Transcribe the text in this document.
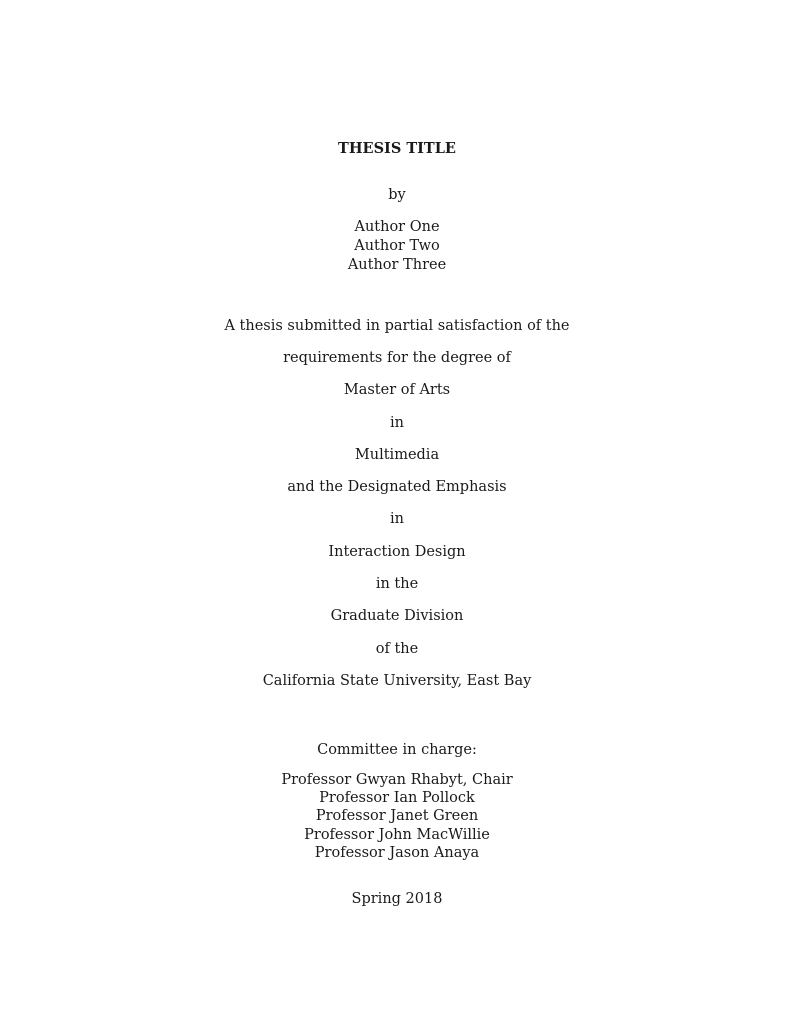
THESIS TITLE
by
Author One
Author Two
Author Three
A thesis submitted in partial satisfaction of the
requirements for the degree of
Master of Arts
in
Multimedia
and the Designated Emphasis
in
Interaction Design
in the
Graduate Division
of the
California State University, East Bay
Committee in charge:
Professor Gwyan Rhabyt, Chair
Professor Ian Pollock
Professor Janet Green
Professor John MacWillie
Professor Jason Anaya
Spring 2018
